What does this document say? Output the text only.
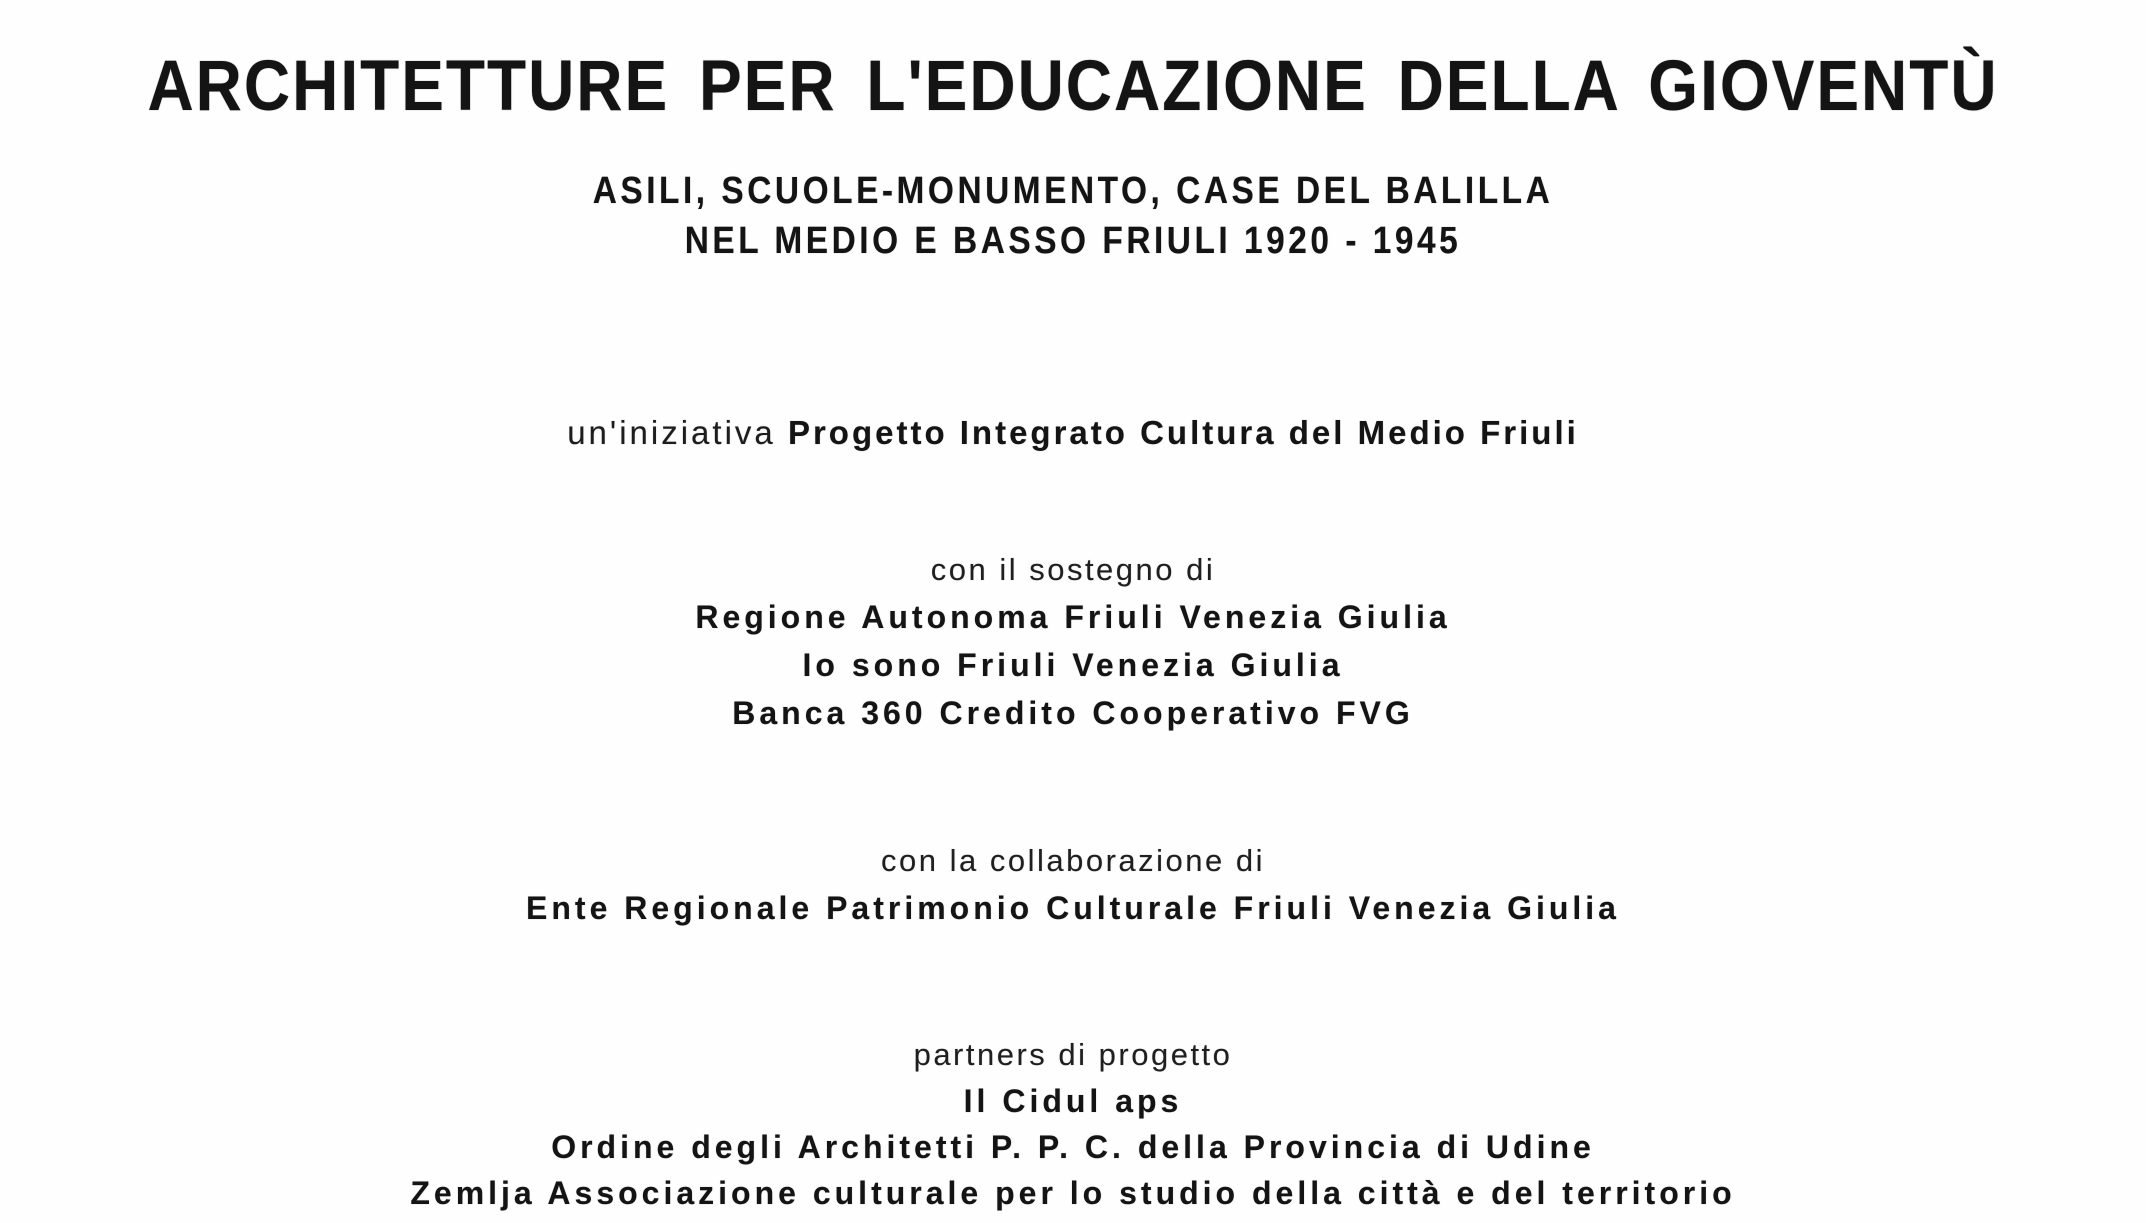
ARCHITETTURE PER L'EDUCAZIONE DELLA GIOVENTÙ
ASILI, SCUOLE-MONUMENTO, CASE DEL BALILLA
NEL MEDIO E BASSO FRIULI 1920 - 1945

un'iniziativa Progetto Integrato Cultura del Medio Friuli

con il sostegno di

Regione Autonoma Friuli Venezia Giulia

Io sono Friuli Venezia Giulia

Banca 360 Credito Cooperativo FVG

con la collaborazione di

Ente Regionale Patrimonio Culturale Friuli Venezia Giulia

partners di progetto

Il Cidul aps

Ordine degli Architetti P. P. C. della Provincia di Udine

Zemlja Associazione culturale per lo studio della città e del territorio
